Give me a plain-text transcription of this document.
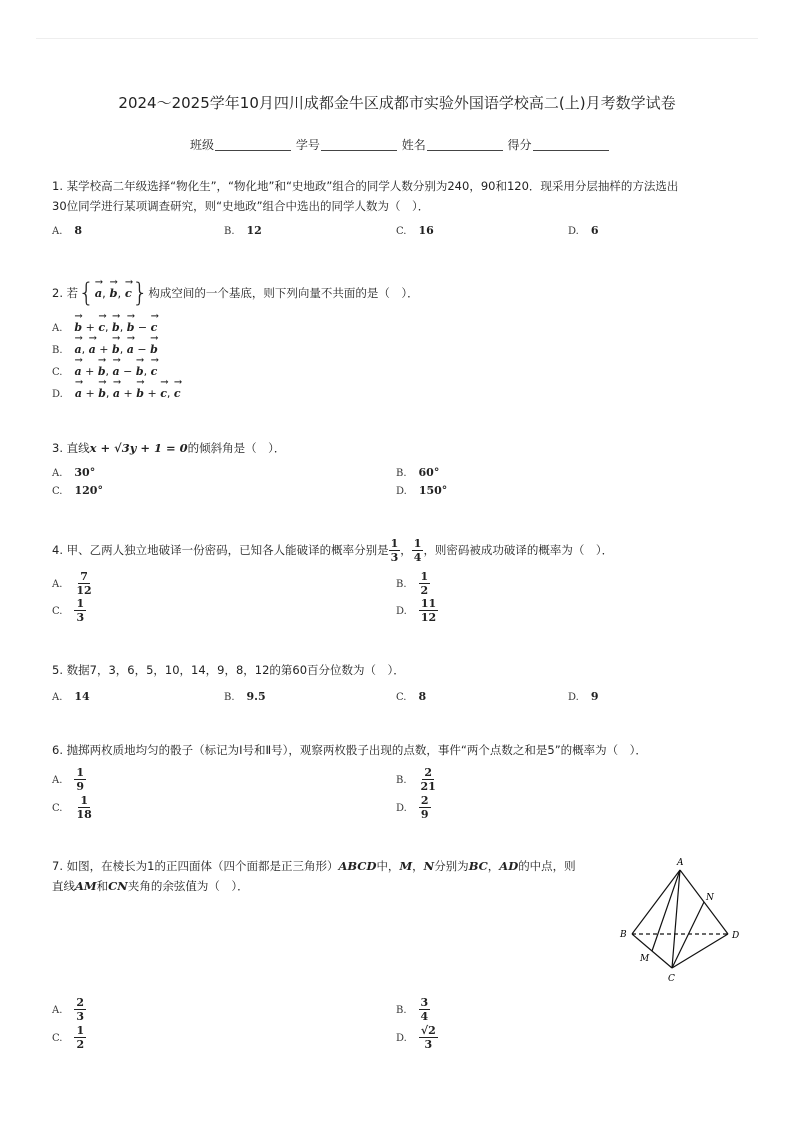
2024～2025学年10月四川成都金牛区成都市实验外国语学校高二(上)月考数学试卷
班级	学号	姓名	得分
1. 某学校高二年级选择“物化生”，“物化地”和“史地政”组合的同学人数分别为240，90和120．现采用分层抽样的方法选出
30位同学进行某项调查研究，则“史地政”组合中选出的同学人数为（　）．
A. 8	B. 12	C. 16	D. 6
2. 若{→ a, → b, → c}构成空间的一个基底，则下列向量不共面的是（　）．
A. → b + → c, → b, → b − → c
B. → a, → a + → b, → a − → b
C. → a + → b, → a − → b, → c
D. → a + → b, → a + → b + → c, → c
3. 直线x + √3y + 1 = 0的倾斜角是（　）．
A. 30°	B. 60°
C. 120°	D. 150°
4. 甲、乙两人独立地破译一份密码，已知各人能破译的概率分别是 $\frac{1}{3}$ ， $\frac{1}{4}$ ，则密码被成功破译的概率为（　）．
A. $\frac{7}{12}$	B. $\frac{1}{2}$
C. $\frac{1}{3}$	D. $\frac{11}{12}$
5. 数据7，3，6，5，10，14，9，8，12的第60百分位数为（　）．
A. 14	B. 9.5	C. 8	D. 9
6. 抛掷两枚质地均匀的骰子（标记为Ⅰ号和Ⅱ号），观察两枚骰子出现的点数，事件“两个点数之和是5”的概率为（　）．
A. $\frac{1}{9}$	B. $\frac{2}{21}$
C. $\frac{1}{18}$	D. $\frac{2}{9}$
7. 如图，在棱长为1的正四面体（四个面都是正三角形）ABCD中，M，N分别为BC，AD的中点，则
直线AM和CN夹角的余弦值为（　）．
A
B
C
D
M
N
A. $\frac{2}{3}$	B. $\frac{3}{4}$
C. $\frac{1}{2}$	D. $\frac{√2}{3}$
